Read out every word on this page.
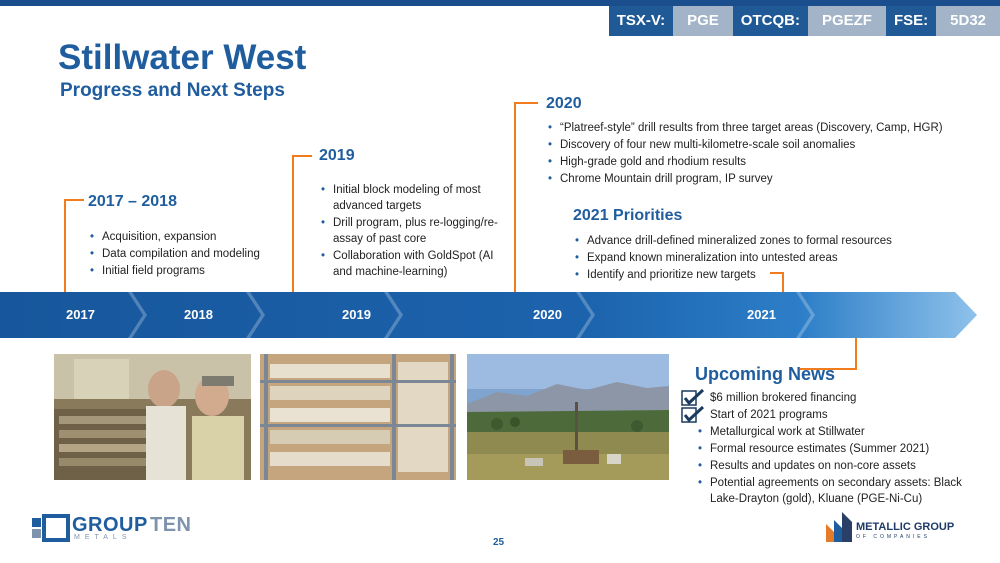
TSX-V:	PGE	OTCQB:	PGEZF	FSE:	5D32
Stillwater West
Progress and Next Steps
2017 – 2018
• Acquisition, expansion
• Data compilation and modeling
• Initial field programs
2019
• Initial block modeling of most advanced targets
• Drill program, plus re-logging/re-assay of past core
• Collaboration with GoldSpot (AI and machine-learning)
2020
• “Platreef-style” drill results from three target areas (Discovery, Camp, HGR)
• Discovery of four new multi-kilometre-scale soil anomalies
• High-grade gold and rhodium results
• Chrome Mountain drill program, IP survey
2021 Priorities
• Advance drill-defined mineralized zones to formal resources
• Expand known mineralization into untested areas
• Identify and prioritize new targets
2017	2018	2019	2020	2021
Upcoming News
$6 million brokered financing
Start of 2021 programs
• Metallurgical work at Stillwater
• Formal resource estimates (Summer 2021)
• Results and updates on non-core assets
• Potential agreements on secondary assets: Black Lake-Drayton (gold), Kluane (PGE-Ni-Cu)
GROUP TEN
METALS	25
METALLIC GROUP
OF COMPANIES
